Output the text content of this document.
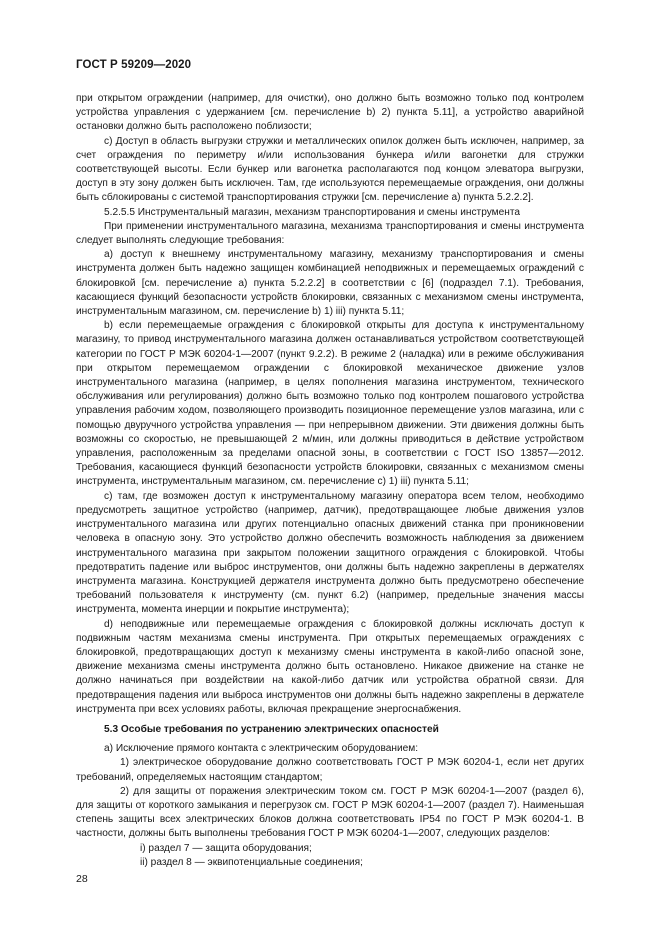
ГОСТ Р 59209—2020

при открытом ограждении (например, для очистки), оно должно быть возможно только под контролем устройства управления с удержанием [см. перечисление b) 2) пункта 5.11], а устройство аварийной остановки должно быть расположено поблизости;

c) Доступ в область выгрузки стружки и металлических опилок должен быть исключен, например, за счет ограждения по периметру и/или использования бункера и/или вагонетки для стружки соответствующей высоты. Если бункер или вагонетка располагаются под концом элеватора выгрузки, доступ в эту зону должен быть исключен. Там, где используются перемещаемые ограждения, они должны быть сблокированы с системой транспортирования стружки [см. перечисление a) пункта 5.2.2.2].

5.2.5.5 Инструментальный магазин, механизм транспортирования и смены инструмента

При применении инструментального магазина, механизма транспортирования и смены инструмента следует выполнять следующие требования:

a) доступ к внешнему инструментальному магазину, механизму транспортирования и смены инструмента должен быть надежно защищен комбинацией неподвижных и перемещаемых ограждений с блокировкой [см. перечисление a) пункта 5.2.2.2] в соответствии с [6] (подраздел 7.1). Требования, касающиеся функций безопасности устройств блокировки, связанных с механизмом смены инструмента, инструментальным магазином, см. перечисление b) 1) iii) пункта 5.11;

b) если перемещаемые ограждения с блокировкой открыты для доступа к инструментальному магазину, то привод инструментального магазина должен останавливаться устройством соответствующей категории по ГОСТ Р МЭК 60204-1—2007 (пункт 9.2.2). В режиме 2 (наладка) или в режиме обслуживания при открытом перемещаемом ограждении с блокировкой механическое движение узлов инструментального магазина (например, в целях пополнения магазина инструментом, технического обслуживания или регулирования) должно быть возможно только под контролем пошагового устройства управления рабочим ходом, позволяющего производить позиционное перемещение узлов магазина, или с помощью двуручного устройства управления — при непрерывном движении. Эти движения должны быть возможны со скоростью, не превышающей 2 м/мин, или должны приводиться в действие устройством управления, расположенным за пределами опасной зоны, в соответствии с ГОСТ ISO 13857—2012. Требования, касающиеся функций безопасности устройств блокировки, связанных с механизмом смены инструмента, инструментальным магазином, см. перечисление c) 1) iii) пункта 5.11;

c) там, где возможен доступ к инструментальному магазину оператора всем телом, необходимо предусмотреть защитное устройство (например, датчик), предотвращающее любые движения узлов инструментального магазина или других потенциально опасных движений станка при проникновении человека в опасную зону. Это устройство должно обеспечить возможность наблюдения за движением инструментального магазина при закрытом положении защитного ограждения с блокировкой. Чтобы предотвратить падение или выброс инструментов, они должны быть надежно закреплены в держателях инструмента магазина. Конструкцией держателя инструмента должно быть предусмотрено обеспечение требований пользователя к инструменту (см. пункт 6.2) (например, предельные значения массы инструмента, момента инерции и покрытие инструмента);

d) неподвижные или перемещаемые ограждения с блокировкой должны исключать доступ к подвижным частям механизма смены инструмента. При открытых перемещаемых ограждениях с блокировкой, предотвращающих доступ к механизму смены инструмента в какой-либо опасной зоне, движение механизма смены инструмента должно быть остановлено. Никакое движение на станке не должно начинаться при воздействии на какой-либо датчик или устройства обратной связи. Для предотвращения падения или выброса инструментов они должны быть надежно закреплены в держателе инструмента при всех условиях работы, включая прекращение энергоснабжения.

5.3 Особые требования по устранению электрических опасностей

a) Исключение прямого контакта с электрическим оборудованием:

1) электрическое оборудование должно соответствовать ГОСТ Р МЭК 60204-1, если нет других требований, определяемых настоящим стандартом;

2) для защиты от поражения электрическим током см. ГОСТ Р МЭК 60204-1—2007 (раздел 6), для защиты от короткого замыкания и перегрузок см. ГОСТ Р МЭК 60204-1—2007 (раздел 7). Наименьшая степень защиты всех электрических блоков должна соответствовать IP54 по ГОСТ Р МЭК 60204-1. В частности, должны быть выполнены требования ГОСТ Р МЭК 60204-1—2007, следующих разделов:

i) раздел 7 — защита оборудования;

ii) раздел 8 — эквипотенциальные соединения;

28
